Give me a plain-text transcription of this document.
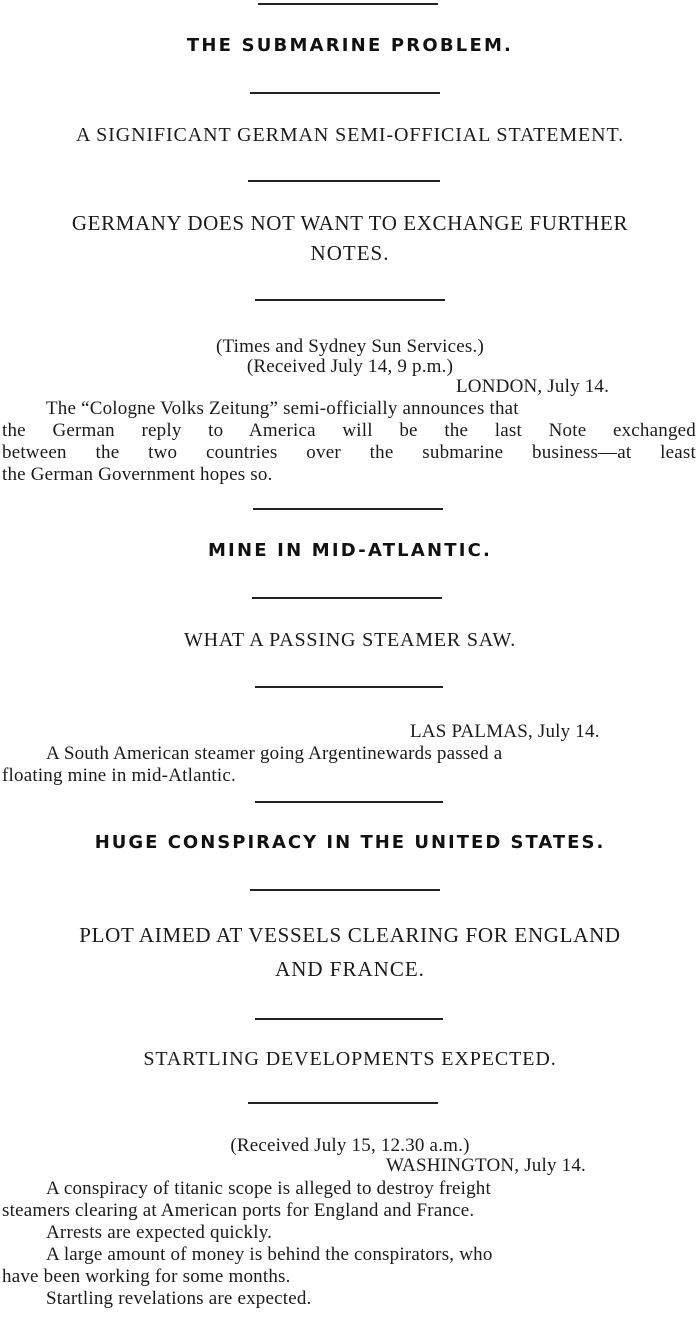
THE SUBMARINE PROBLEM.
A SIGNIFICANT GERMAN SEMI-OFFICIAL STATEMENT.
GERMANY DOES NOT WANT TO EXCHANGE FURTHER
NOTES.
(Times and Sydney Sun Services.)
(Received July 14, 9 p.m.)
LONDON, July 14.
The “Cologne Volks Zeitung” semi-officially announces that
the German reply to America will be the last Note exchanged
between the two countries over the submarine business—at least
the German Government hopes so.
MINE IN MID-ATLANTIC.
WHAT A PASSING STEAMER SAW.
LAS PALMAS, July 14.
A South American steamer going Argentinewards passed a
floating mine in mid-Atlantic.
HUGE CONSPIRACY IN THE UNITED STATES.
PLOT AIMED AT VESSELS CLEARING FOR ENGLAND
AND FRANCE.
STARTLING DEVELOPMENTS EXPECTED.
(Received July 15, 12.30 a.m.)
WASHINGTON, July 14.
A conspiracy of titanic scope is alleged to destroy freight
steamers clearing at American ports for England and France.
Arrests are expected quickly.
A large amount of money is behind the conspirators, who
have been working for some months.
Startling revelations are expected.
